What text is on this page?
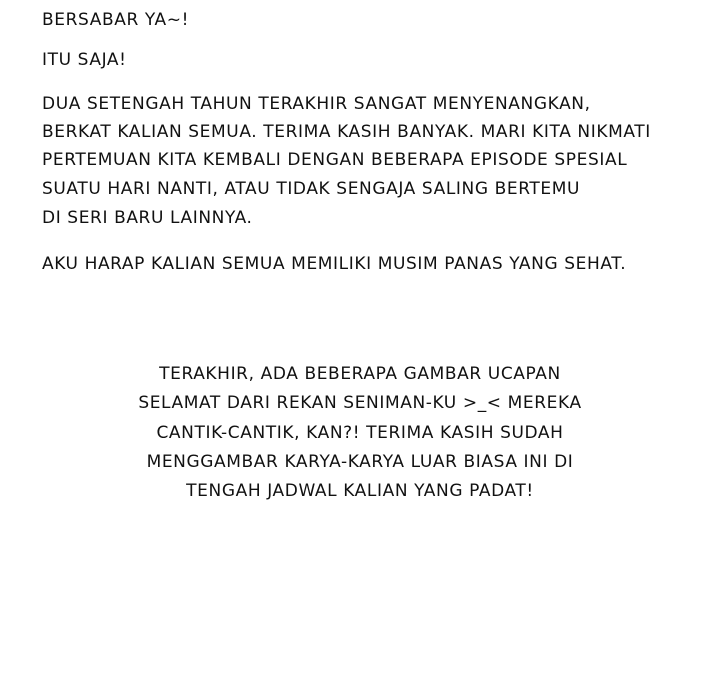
BERSABAR YA~!
ITU SAJA!
DUA SETENGAH TAHUN TERAKHIR SANGAT MENYENANGKAN,
BERKAT KALIAN SEMUA. TERIMA KASIH BANYAK. MARI KITA NIKMATI
PERTEMUAN KITA KEMBALI DENGAN BEBERAPA EPISODE SPESIAL
SUATU HARI NANTI, ATAU TIDAK SENGAJA SALING BERTEMU
DI SERI BARU LAINNYA.
AKU HARAP KALIAN SEMUA MEMILIKI MUSIM PANAS YANG SEHAT.
TERAKHIR, ADA BEBERAPA GAMBAR UCAPAN
SELAMAT DARI REKAN SENIMAN-KU >_< MEREKA
CANTIK-CANTIK, KAN?! TERIMA KASIH SUDAH
MENGGAMBAR KARYA-KARYA LUAR BIASA INI DI
TENGAH JADWAL KALIAN YANG PADAT!
